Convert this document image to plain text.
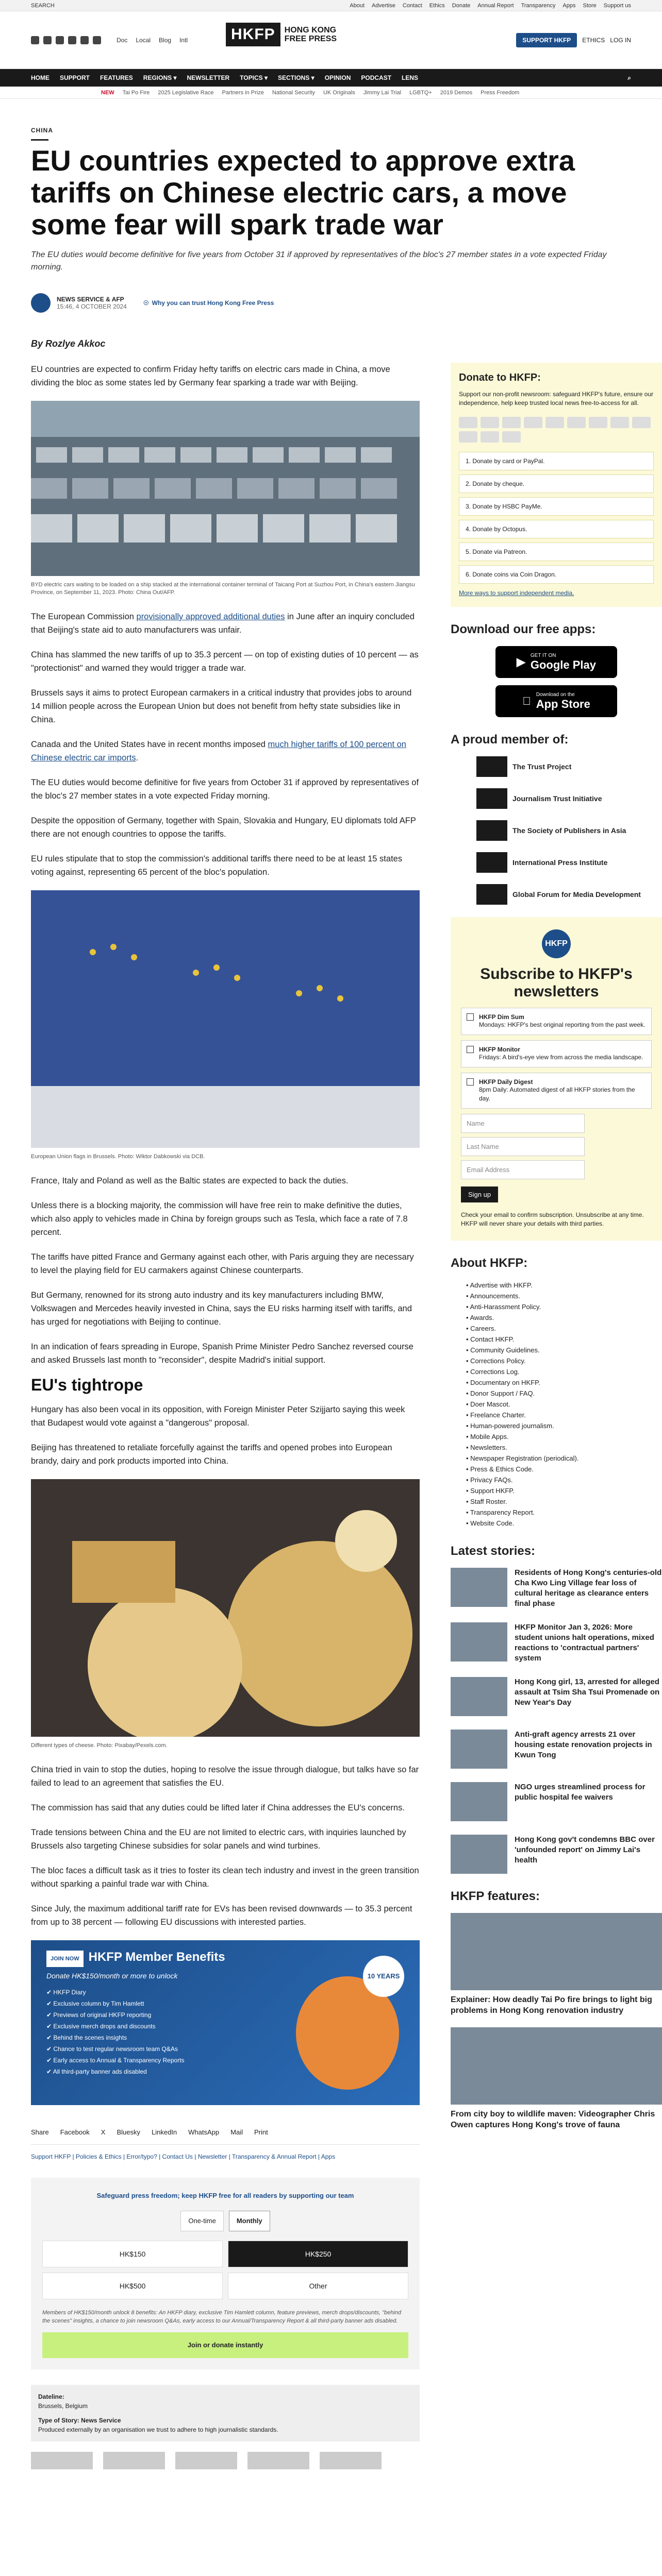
SEARCH	About Advertise Contact Ethics Donate Annual Report Transparency Apps Store Support us
Doc Local Blog Intl	HKFP	HONG KONG
FREE PRESS	SUPPORT HKFP	ETHICS LOG IN
HOME SUPPORT FEATURES REGIONS ▾ NEWSLETTER TOPICS ▾ SECTIONS ▾ OPINION PODCAST LENS	⌕
NEW Tai Po Fire 2025 Legislative Race Partners in Prize National Security UK Originals Jimmy Lai Trial LGBTQ+ 2019 Demos Press Freedom
CHINA
EU countries expected to approve extra tariffs on Chinese electric cars, a move some fear will spark trade war

The EU duties would become definitive for five years from October 31 if approved by representatives of the bloc's 27 member states in a vote expected Friday morning.

NEWS SERVICE & AFP
15:46, 4 OCTOBER 2024	☉ Why you can trust Hong Kong Free Press
By Rozlye Akkoc

EU countries are expected to confirm Friday hefty tariffs on electric cars made in China, a move dividing the bloc as some states led by Germany fear sparking a trade war with Beijing.

BYD electric cars waiting to be loaded on a ship stacked at the international container terminal of Taicang Port at Suzhou Port, in China's eastern Jiangsu Province, on September 11, 2023. Photo: China Out/AFP.

The European Commission provisionally approved additional duties in June after an inquiry concluded that Beijing's state aid to auto manufacturers was unfair.

China has slammed the new tariffs of up to 35.3 percent — on top of existing duties of 10 percent — as "protectionist" and warned they would trigger a trade war.

Brussels says it aims to protect European carmakers in a critical industry that provides jobs to around 14 million people across the European Union but does not benefit from hefty state subsidies like in China.

Canada and the United States have in recent months imposed much higher tariffs of 100 percent on Chinese electric car imports.

The EU duties would become definitive for five years from October 31 if approved by representatives of the bloc's 27 member states in a vote expected Friday morning.

Despite the opposition of Germany, together with Spain, Slovakia and Hungary, EU diplomats told AFP there are not enough countries to oppose the tariffs.

EU rules stipulate that to stop the commission's additional tariffs there need to be at least 15 states voting against, representing 65 percent of the bloc's population.

European Union flags in Brussels. Photo: Wiktor Dabkowski via DCB.

France, Italy and Poland as well as the Baltic states are expected to back the duties.

Unless there is a blocking majority, the commission will have free rein to make definitive the duties, which also apply to vehicles made in China by foreign groups such as Tesla, which face a rate of 7.8 percent.

The tariffs have pitted France and Germany against each other, with Paris arguing they are necessary to level the playing field for EU carmakers against Chinese counterparts.

But Germany, renowned for its strong auto industry and its key manufacturers including BMW, Volkswagen and Mercedes heavily invested in China, says the EU risks harming itself with tariffs, and has urged for negotiations with Beijing to continue.

In an indication of fears spreading in Europe, Spanish Prime Minister Pedro Sanchez reversed course and asked Brussels last month to "reconsider", despite Madrid's initial support.

EU's tightrope

Hungary has also been vocal in its opposition, with Foreign Minister Peter Szijjarto saying this week that Budapest would vote against a "dangerous" proposal.

Beijing has threatened to retaliate forcefully against the tariffs and opened probes into European brandy, dairy and pork products imported into China.

Different types of cheese. Photo: Pixabay/Pexels.com.

China tried in vain to stop the duties, hoping to resolve the issue through dialogue, but talks have so far failed to lead to an agreement that satisfies the EU.

The commission has said that any duties could be lifted later if China addresses the EU's concerns.

Trade tensions between China and the EU are not limited to electric cars, with inquiries launched by Brussels also targeting Chinese subsidies for solar panels and wind turbines.

The bloc faces a difficult task as it tries to foster its clean tech industry and invest in the green transition without sparking a painful trade war with China.

Since July, the maximum additional tariff rate for EVs has been revised downwards — to 35.3 percent from up to 38 percent — following EU discussions with interested parties.

JOIN NOW HKFP Member Benefits
Donate HK$150/month or more to unlock
✔ HKFP Diary
✔ Exclusive column by Tim Hamlett
✔ Previews of original HKFP reporting
✔ Exclusive merch drops and discounts
✔ Behind the scenes insights
✔ Chance to test regular newsroom team Q&As
✔ Early access to Annual & Transparency Reports
✔ All third-party banner ads disabled
10 YEARS
Share Facebook X Bluesky LinkedIn WhatsApp Mail Print
Support HKFP | Policies & Ethics | Error/typo? | Contact Us | Newsletter | Transparency & Annual Report | Apps
Safeguard press freedom; keep HKFP free for all readers by supporting our team
One-time	Monthly
HK$150	HK$250
HK$500	Other
Members of HK$150/month unlock 8 benefits: An HKFP diary, exclusive Tim Hamlett column, feature previews, merch drops/discounts, "behind the scenes" insights, a chance to join newsroom Q&As, early access to our Annual/Transparency Report & all third-party banner ads disabled.
Join or donate instantly
Dateline:
Brussels, Belgium
Type of Story: News Service
Produced externally by an organisation we trust to adhere to high journalistic standards.
Donate to HKFP:
Support our non-profit newsroom: safeguard HKFP's future, ensure our independence, help keep trusted local news free-to-access for all.
1. Donate by card or PayPal.
2. Donate by cheque.
3. Donate by HSBC PayMe.
4. Donate by Octopus.
5. Donate via Patreon.
6. Donate coins via Coin Dragon.
More ways to support independent media.
Download our free apps:
▶ GET IT ON
Google Play
Download on the
App Store
A proud member of:
The Trust Project
Journalism Trust Initiative
The Society of Publishers in Asia
International Press Institute
Global Forum for Media Development
HKFP
Subscribe to HKFP's newsletters
HKFP Dim Sum
Mondays: HKFP's best original reporting from the past week.
HKFP Monitor
Fridays: A bird's-eye view from across the media landscape.
HKFP Daily Digest
8pm Daily: Automated digest of all HKFP stories from the day.
Name
Last Name
Email Address
Sign up
Check your email to confirm subscription. Unsubscribe at any time. HKFP will never share your details with third parties.
About HKFP:
• Advertise with HKFP.
• Announcements.
• Anti-Harassment Policy.
• Awards.
• Careers.
• Contact HKFP.
• Community Guidelines.
• Corrections Policy.
• Corrections Log.
• Documentary on HKFP.
• Donor Support / FAQ.
• Doer Mascot.
• Freelance Charter.
• Human-powered journalism.
• Mobile Apps.
• Newsletters.
• Newspaper Registration (periodical).
• Press & Ethics Code.
• Privacy FAQs.
• Support HKFP.
• Staff Roster.
• Transparency Report.
• Website Code.
Latest stories:
Residents of Hong Kong's centuries-old Cha Kwo Ling Village fear loss of cultural heritage as clearance enters final phase
HKFP Monitor Jan 3, 2026: More student unions halt operations, mixed reactions to 'contractual partners' system
Hong Kong girl, 13, arrested for alleged assault at Tsim Sha Tsui Promenade on New Year's Day
Anti-graft agency arrests 21 over housing estate renovation projects in Kwun Tong
NGO urges streamlined process for public hospital fee waivers
Hong Kong gov't condemns BBC over 'unfounded report' on Jimmy Lai's health
HKFP features:
Explainer: How deadly Tai Po fire brings to light big problems in Hong Kong renovation industry
From city boy to wildlife maven: Videographer Chris Owen captures Hong Kong's trove of fauna
